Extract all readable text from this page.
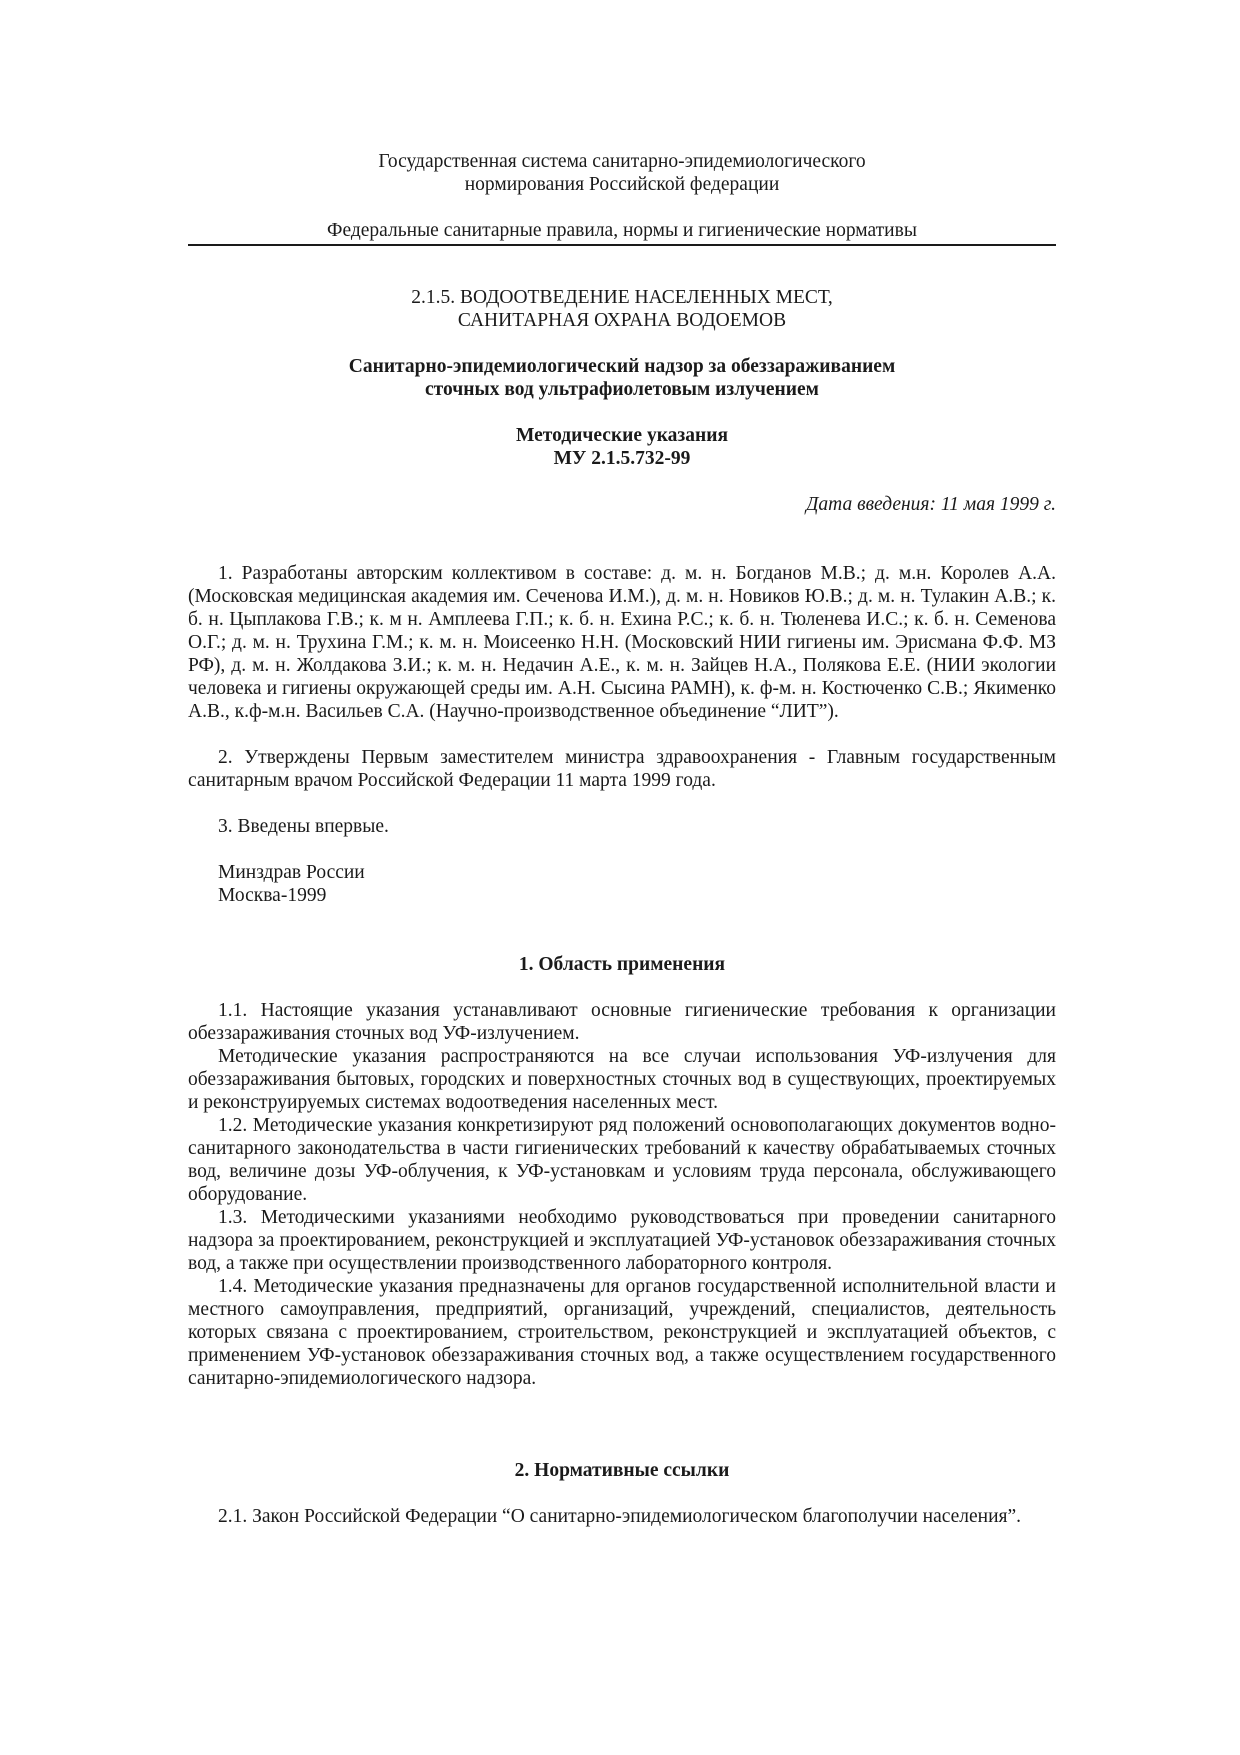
Государственная система санитарно-эпидемиологического
нормирования Российской федерации
Федеральные санитарные правила, нормы и гигиенические нормативы
2.1.5. ВОДООТВЕДЕНИЕ НАСЕЛЕННЫХ МЕСТ,
САНИТАРНАЯ ОХРАНА ВОДОЕМОВ
Санитарно-эпидемиологический надзор за обеззараживанием
сточных вод ультрафиолетовым излучением
Методические указания
МУ 2.1.5.732-99
Дата введения: 11 мая 1999 г.

1. Разработаны авторским коллективом в составе: д. м. н. Богданов М.В.; д. м.н. Королев А.А. (Московская медицинская академия им. Сеченова И.М.), д. м. н. Новиков Ю.В.; д. м. н. Тулакин А.В.; к. б. н. Цыплакова Г.В.; к. м н. Амплеева Г.П.; к. б. н. Ехина Р.С.; к. б. н. Тюленева И.С.; к. б. н. Семенова О.Г.; д. м. н. Трухина Г.М.; к. м. н. Моисеенко Н.Н. (Московский НИИ гигиены им. Эрисмана Ф.Ф. МЗ РФ), д. м. н. Жолдакова З.И.; к. м. н. Недачин А.Е., к. м. н. Зайцев Н.А., Полякова Е.Е. (НИИ экологии человека и гигиены окружающей среды им. А.Н. Сысина РАМН), к. ф-м. н. Костюченко С.В.; Якименко А.В., к.ф-м.н. Васильев С.А. (Научно-производственное объединение “ЛИТ”).

2. Утверждены Первым заместителем министра здравоохранения - Главным государственным санитарным врачом Российской Федерации 11 марта 1999 года.

3. Введены впервые.

Минздрав России
Москва-1999
1. Область применения

1.1. Настоящие указания устанавливают основные гигиенические требования к организации обеззараживания сточных вод УФ-излучением.

Методические указания распространяются на все случаи использования УФ-излучения для обеззараживания бытовых, городских и поверхностных сточных вод в существующих, проектируемых и реконструируемых системах водоотведения населенных мест.

1.2. Методические указания конкретизируют ряд положений основополагающих документов водно-санитарного законодательства в части гигиенических требований к качеству обрабатываемых сточных вод, величине дозы УФ-облучения, к УФ-установкам и условиям труда персонала, обслуживающего оборудование.

1.3. Методическими указаниями необходимо руководствоваться при проведении санитарного надзора за проектированием, реконструкцией и эксплуатацией УФ-установок обеззараживания сточных вод, а также при осуществлении производственного лабораторного контроля.

1.4. Методические указания предназначены для органов государственной исполнительной власти и местного самоуправления, предприятий, организаций, учреждений, специалистов, деятельность которых связана с проектированием, строительством, реконструкцией и эксплуатацией объектов, с применением УФ-установок обеззараживания сточных вод, а также осуществлением государственного санитарно-эпидемиологического надзора.

2. Нормативные ссылки

2.1. Закон Российской Федерации “О санитарно-эпидемиологическом благополучии населения”.
